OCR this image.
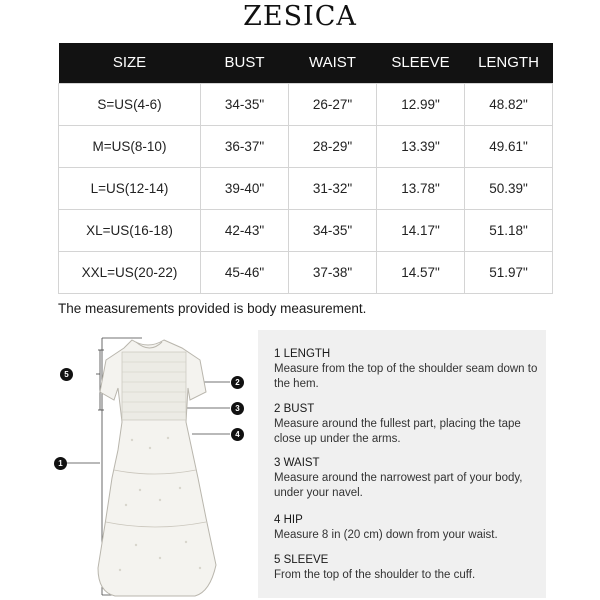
ZESICA
SIZE	BUST	WAIST	SLEEVE	LENGTH
S=US(4-6)	34-35"	26-27"	12.99"	48.82"
M=US(8-10)	36-37"	28-29"	13.39"	49.61"
L=US(12-14)	39-40"	31-32"	13.78"	50.39"
XL=US(16-18)	42-43"	34-35"	14.17"	51.18"
XXL=US(20-22)	45-46"	37-38"	14.57"	51.97"
The measurements provided is body measurement.
5
2
3
4
1
1 LENGTH
Measure from the top of the shoulder seam down to the hem.
2 BUST
Measure around the fullest part, placing the tape close up under the arms.
3 WAIST
Measure around the narrowest part of your body, under your navel.
4 HIP
Measure 8 in (20 cm) down from your waist.
5 SLEEVE
From the top of the shoulder to the cuff.
